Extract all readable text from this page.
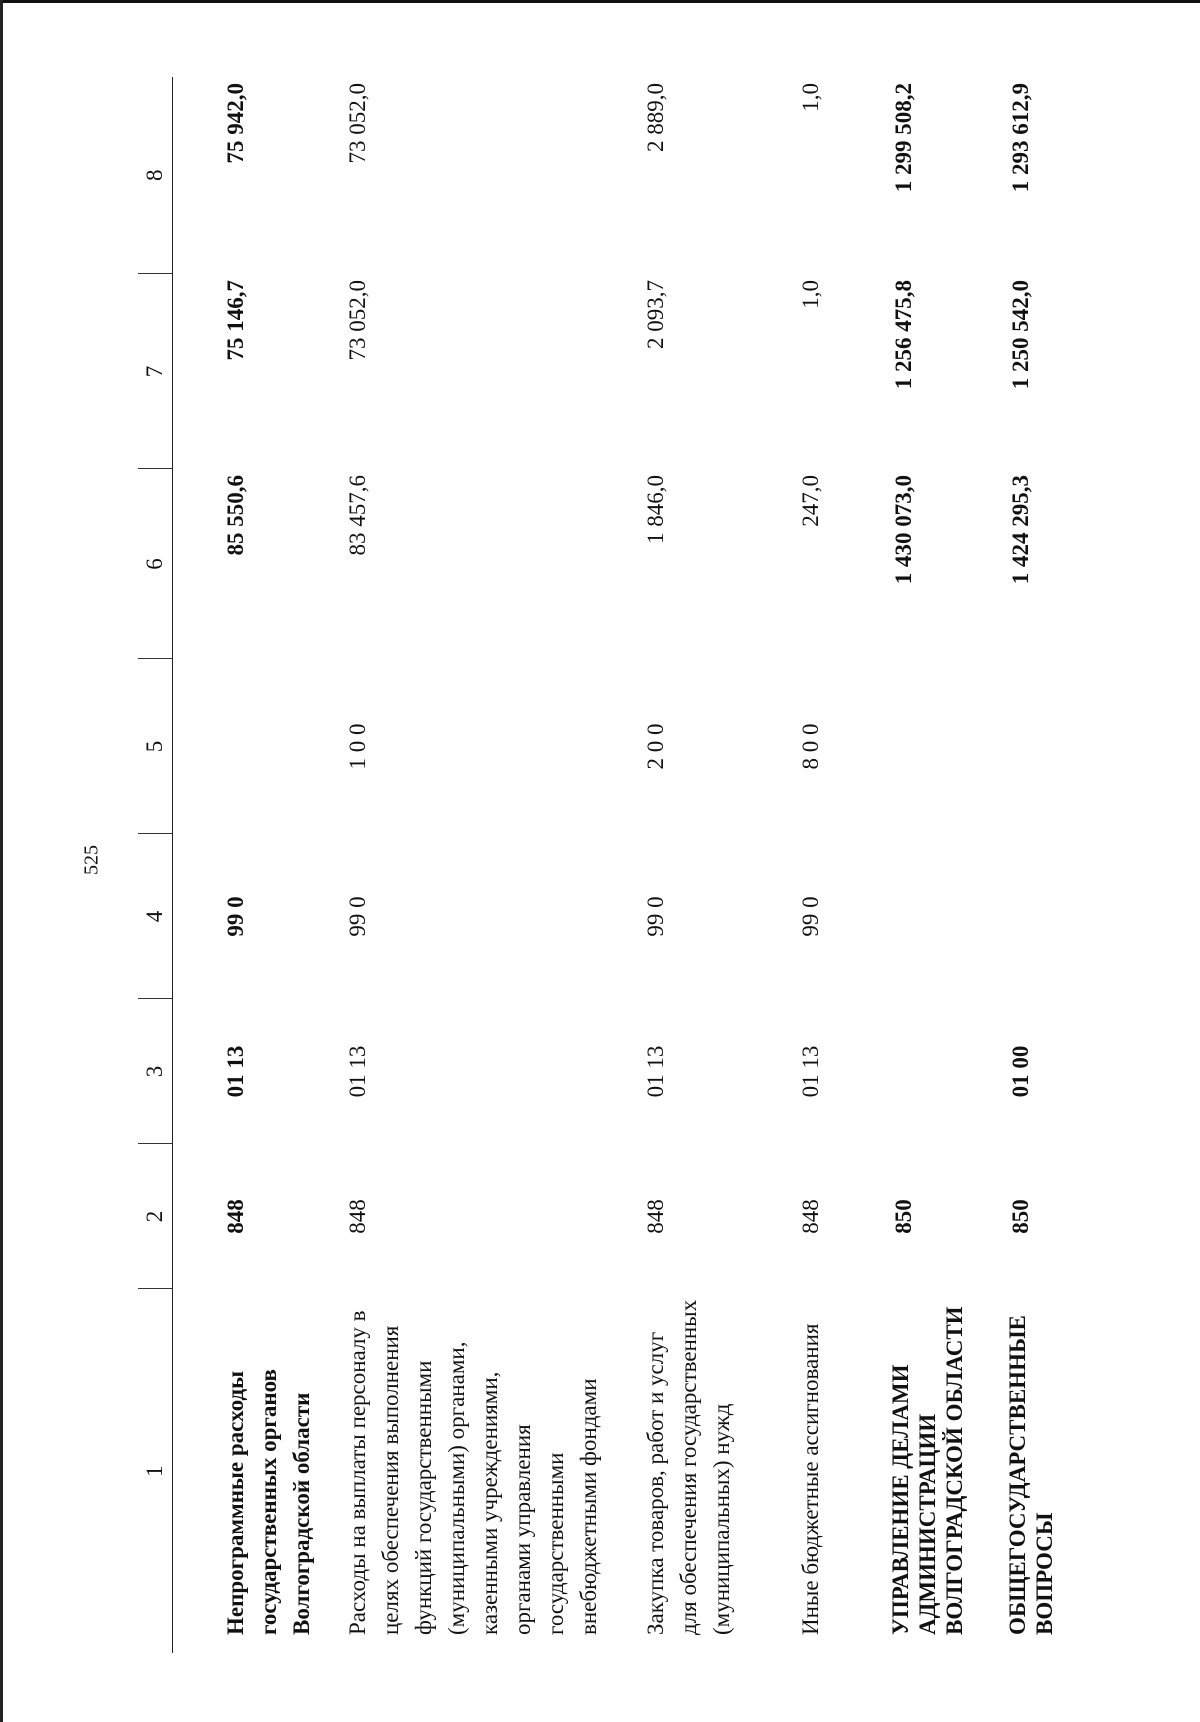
525
1	2	3	4	5	6	7	8
Непрограммные расходы государственных органов Волгоградской области	848	01 13	99 0		85 550,6	75 146,7	75 942,0
Расходы на выплаты персоналу в целях обеспечения выполнения функций государственными (муниципальными) органами, казенными учреждениями, органами управления государственными внебюджетными фондами	848	01 13	99 0	1 0 0	83 457,6	73 052,0	73 052,0
Закупка товаров, работ и услуг для обеспечения государственных (муниципальных) нужд	848	01 13	99 0	2 0 0	1 846,0	2 093,7	2 889,0
Иные бюджетные ассигнования	848	01 13	99 0	8 0 0	247,0	1,0	1,0
УПРАВЛЕНИЕ ДЕЛАМИ АДМИНИСТРАЦИИ ВОЛГОГРАДСКОЙ ОБЛАСТИ	850				1 430 073,0	1 256 475,8	1 299 508,2
ОБЩЕГОСУДАРСТВЕННЫЕ ВОПРОСЫ	850	01 00			1 424 295,3	1 250 542,0	1 293 612,9
